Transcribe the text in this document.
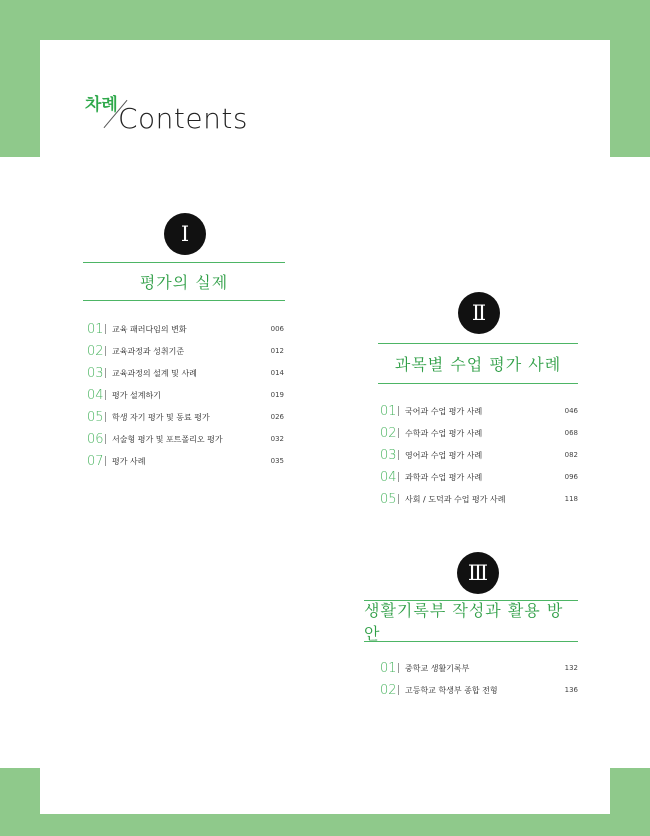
차례 Contents
Ⅰ
평가의 실제
01 교육 패러다임의 변화	006
02 교육과정과 성취기준	012
03 교육과정의 설계 및 사례	014
04 평가 설계하기	019
05 학생 자기 평가 및 동료 평가	026
06 서술형 평가 및 포트폴리오 평가	032
07 평가 사례	035
Ⅱ
과목별 수업 평가 사례
01 국어과 수업 평가 사례	046
02 수학과 수업 평가 사례	068
03 영어과 수업 평가 사례	082
04 과학과 수업 평가 사례	096
05 사회 / 도덕과 수업 평가 사례	118
Ⅲ
생활기록부 작성과 활용 방안
01 중학교 생활기록부	132
02 고등학교 학생부 종합 전형	136
